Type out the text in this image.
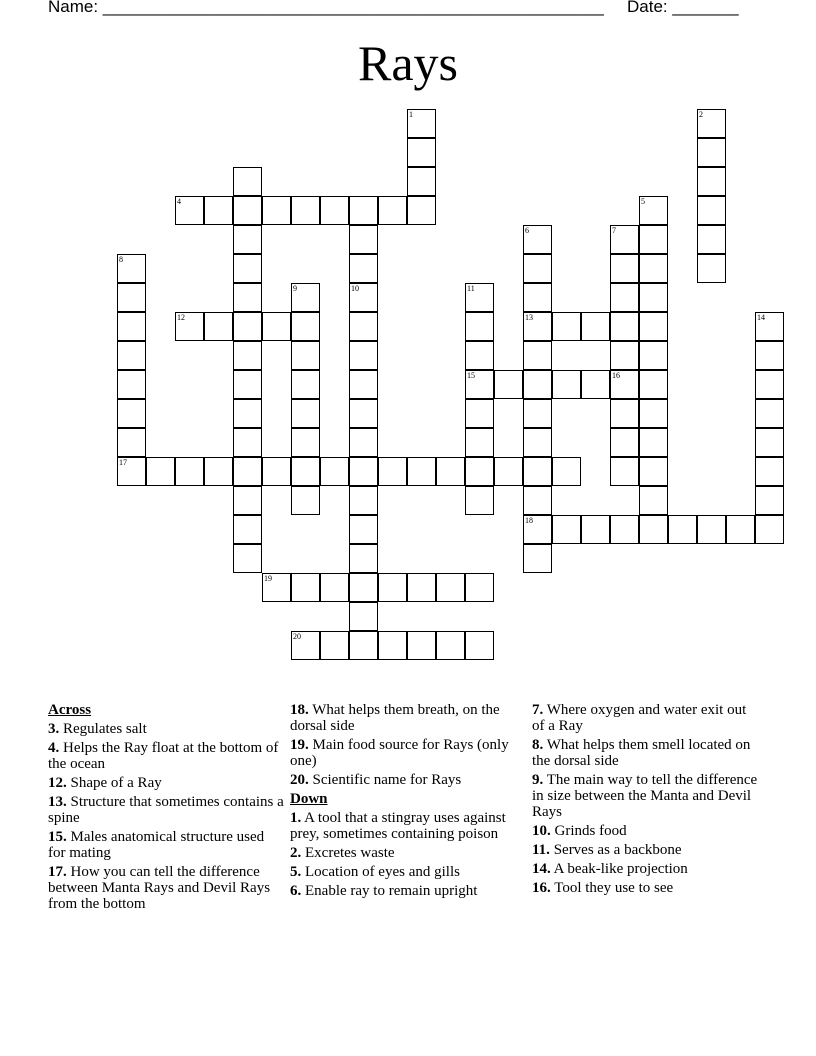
Name: _____________________________________________________ Date: _______
Rays
1	2
10
4
6
13
18
7
5
8
9	11
15
12	14
16
17
19
20
Across
3. Regulates salt
4. Helps the Ray float at the bottom of the ocean
12. Shape of a Ray
13. Structure that sometimes contains a spine
15. Males anatomical structure used for mating
17. How you can tell the difference between Manta Rays and Devil Rays from the bottom
18. What helps them breath, on the dorsal side
19. Main food source for Rays (only one)
20. Scientific name for Rays
Down
1. A tool that a stingray uses against prey, sometimes containing poison
2. Excretes waste
5. Location of eyes and gills
6. Enable ray to remain upright
7. Where oxygen and water exit out of a Ray
8. What helps them smell located on the dorsal side
9. The main way to tell the difference in size between the Manta and Devil Rays
10. Grinds food
11. Serves as a backbone
14. A beak-like projection
16. Tool they use to see
